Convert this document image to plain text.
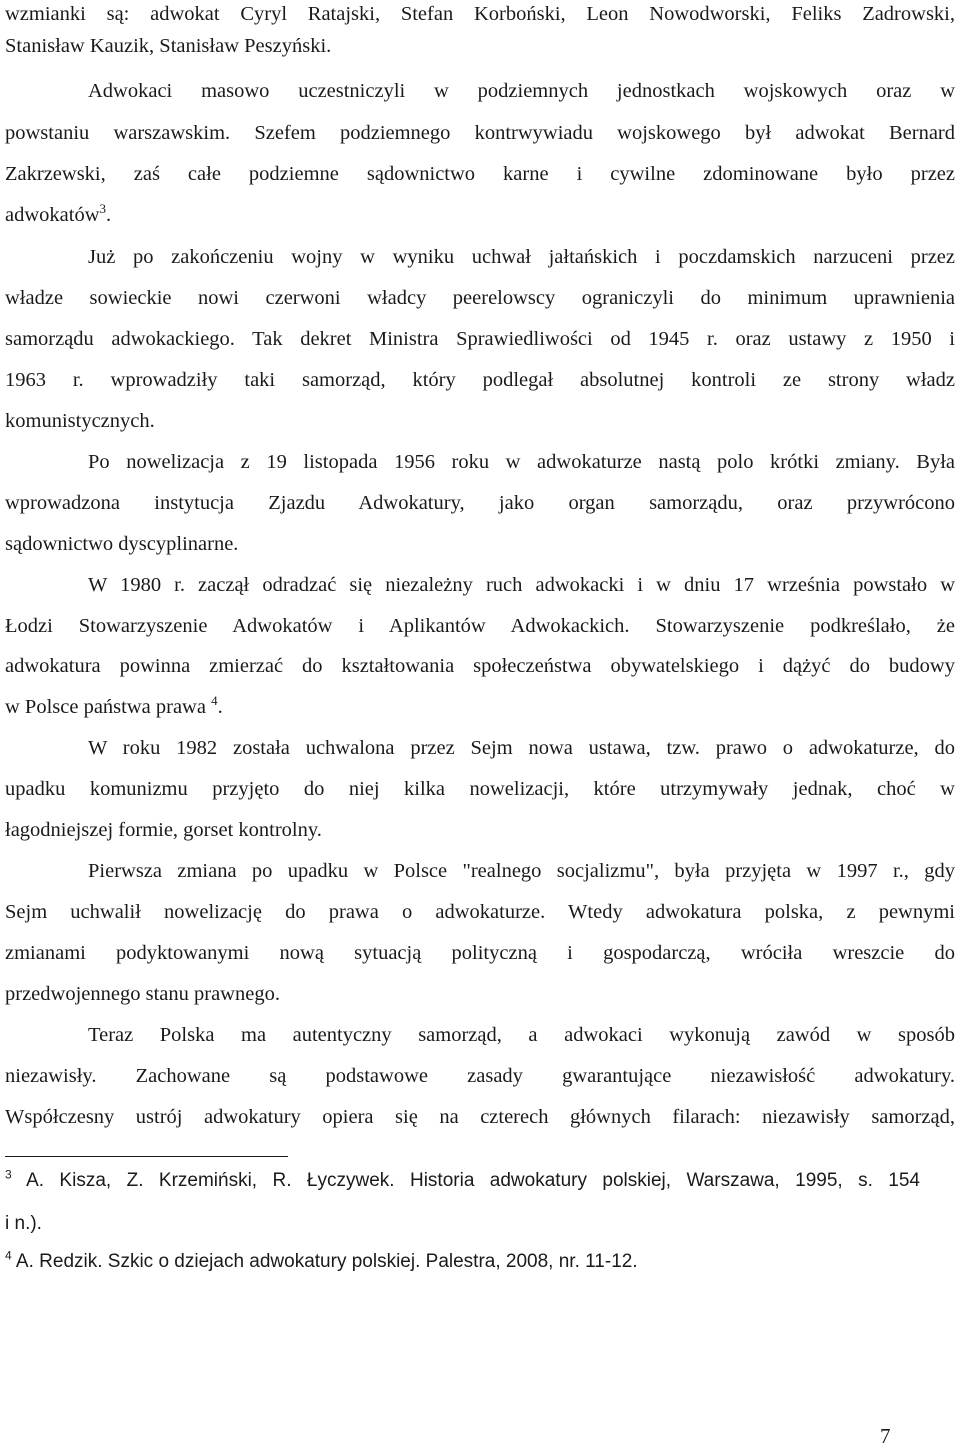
wzmianki są: adwokat Cyryl Ratajski, Stefan Korboński, Leon Nowodworski, Feliks Zadrowski,
Stanisław Kauzik, Stanisław Peszyński.
Adwokaci masowo uczestniczyli w podziemnych jednostkach wojskowych oraz w
powstaniu warszawskim. Szefem podziemnego kontrwywiadu wojskowego był adwokat Bernard
Zakrzewski, zaś całe podziemne sądownictwo karne i cywilne zdominowane było przez
adwokatów$^3$.
Już po zakończeniu wojny w wyniku uchwał jałtańskich i poczdamskich narzuceni przez
władze sowieckie nowi czerwoni władcy peerelowscy ograniczyli do minimum uprawnienia
samorządu adwokackiego. Tak dekret Ministra Sprawiedliwości od 1945 r. oraz ustawy z 1950 i
1963 r. wprowadziły taki samorząd, który podlegał absolutnej kontroli ze strony władz
komunistycznych.
Po nowelizacja z 19 listopada 1956 roku w adwokaturze nastą polo krótki zmiany. Była
wprowadzona instytucja Zjazdu Adwokatury, jako organ samorządu, oraz przywrócono
sądownictwo dyscyplinarne.
W 1980 r. zaczął odradzać się niezależny ruch adwokacki i w dniu 17 września powstało w
Łodzi Stowarzyszenie Adwokatów i Aplikantów Adwokackich. Stowarzyszenie podkreślało, że
adwokatura powinna zmierzać do kształtowania społeczeństwa obywatelskiego i dążyć do budowy
w Polsce państwa prawa $^4$.
W roku 1982 została uchwalona przez Sejm nowa ustawa, tzw. prawo o adwokaturze, do
upadku komunizmu przyjęto do niej kilka nowelizacji, które utrzymywały jednak, choć w
łagodniejszej formie, gorset kontrolny.
Pierwsza zmiana po upadku w Polsce "realnego socjalizmu", była przyjęta w 1997 r., gdy
Sejm uchwalił nowelizację do prawa o adwokaturze. Wtedy adwokatura polska, z pewnymi
zmianami podyktowanymi nową sytuacją polityczną i gospodarczą, wróciła wreszcie do
przedwojennego stanu prawnego.
Teraz Polska ma autentyczny samorząd, a adwokaci wykonują zawód w sposób
niezawisły. Zachowane są podstawowe zasady gwarantujące niezawisłość adwokatury.
Współczesny ustrój adwokatury opiera się na czterech głównych filarach: niezawisły samorząd,
$^3$ A. Kisza, Z. Krzemiński, R. Łyczywek. Historia adwokatury polskiej, Warszawa, 1995, s. 154
i n.).
$^4$ A. Redzik. Szkic o dziejach adwokatury polskiej. Palestra, 2008, nr. 11-12.
7
